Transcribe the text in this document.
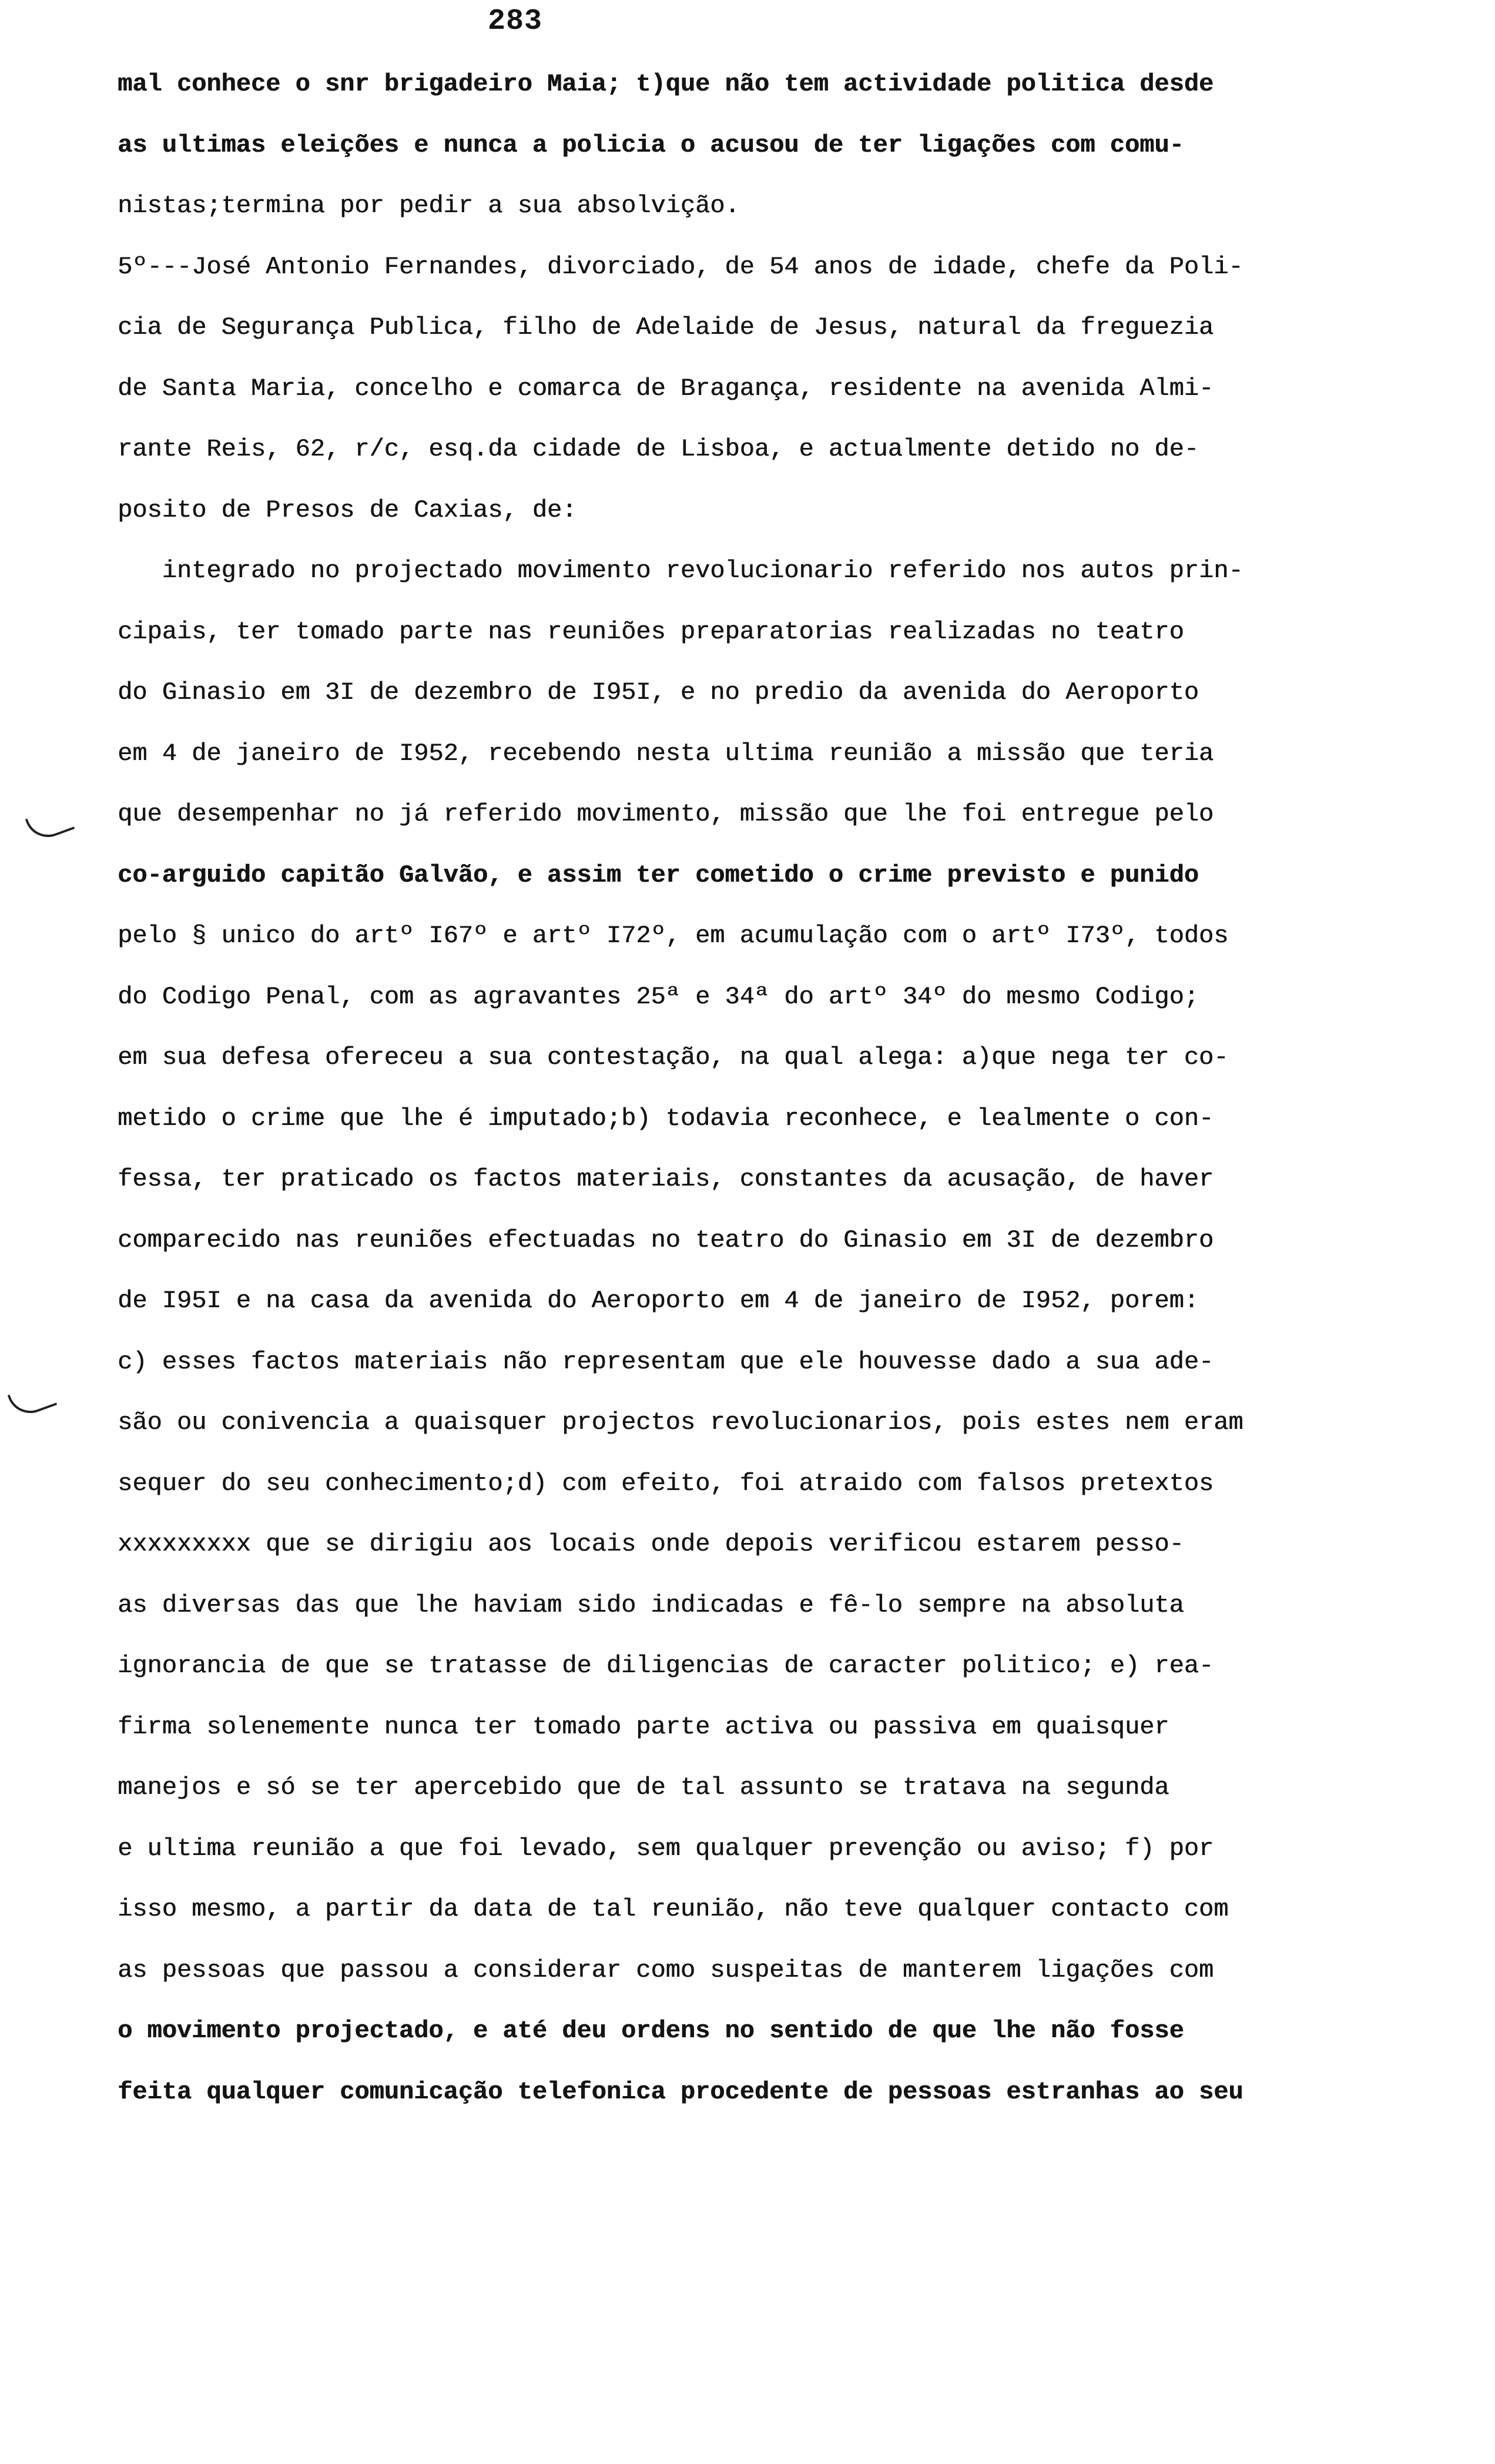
283
mal conhece o snr brigadeiro Maia; t)que não tem actividade politica desde
as ultimas eleições e nunca a policia o acusou de ter ligações com comu-
nistas;termina por pedir a sua absolvição.
5º---José Antonio Fernandes, divorciado, de 54 anos de idade, chefe da Poli-
cia de Segurança Publica, filho de Adelaide de Jesus, natural da freguezia
de Santa Maria, concelho e comarca de Bragança, residente na avenida Almi-
rante Reis, 62, r/c, esq.da cidade de Lisboa, e actualmente detido no de-
posito de Presos de Caxias, de:
integrado no projectado movimento revolucionario referido nos autos prin-
cipais, ter tomado parte nas reuniões preparatorias realizadas no teatro
do Ginasio em 3I de dezembro de I95I, e no predio da avenida do Aeroporto
em 4 de janeiro de I952, recebendo nesta ultima reunião a missão que teria
que desempenhar no já referido movimento, missão que lhe foi entregue pelo
co-arguido capitão Galvão, e assim ter cometido o crime previsto e punido
pelo § unico do artº I67º e artº I72º, em acumulação com o artº I73º, todos
do Codigo Penal, com as agravantes 25ª e 34ª do artº 34º do mesmo Codigo;
em sua defesa ofereceu a sua contestação, na qual alega: a)que nega ter co-
metido o crime que lhe é imputado;b) todavia reconhece, e lealmente o con-
fessa, ter praticado os factos materiais, constantes da acusação, de haver
comparecido nas reuniões efectuadas no teatro do Ginasio em 3I de dezembro
de I95I e na casa da avenida do Aeroporto em 4 de janeiro de I952, porem:
c) esses factos materiais não representam que ele houvesse dado a sua ade-
são ou conivencia a quaisquer projectos revolucionarios, pois estes nem eram
sequer do seu conhecimento;d) com efeito, foi atraido com falsos pretextos
xxxxxxxxx que se dirigiu aos locais onde depois verificou estarem pesso-
as diversas das que lhe haviam sido indicadas e fê-lo sempre na absoluta
ignorancia de que se tratasse de diligencias de caracter politico; e) rea-
firma solenemente nunca ter tomado parte activa ou passiva em quaisquer
manejos e só se ter apercebido que de tal assunto se tratava na segunda
e ultima reunião a que foi levado, sem qualquer prevenção ou aviso; f) por
isso mesmo, a partir da data de tal reunião, não teve qualquer contacto com
as pessoas que passou a considerar como suspeitas de manterem ligações com
o movimento projectado, e até deu ordens no sentido de que lhe não fosse
feita qualquer comunicação telefonica procedente de pessoas estranhas ao seu
